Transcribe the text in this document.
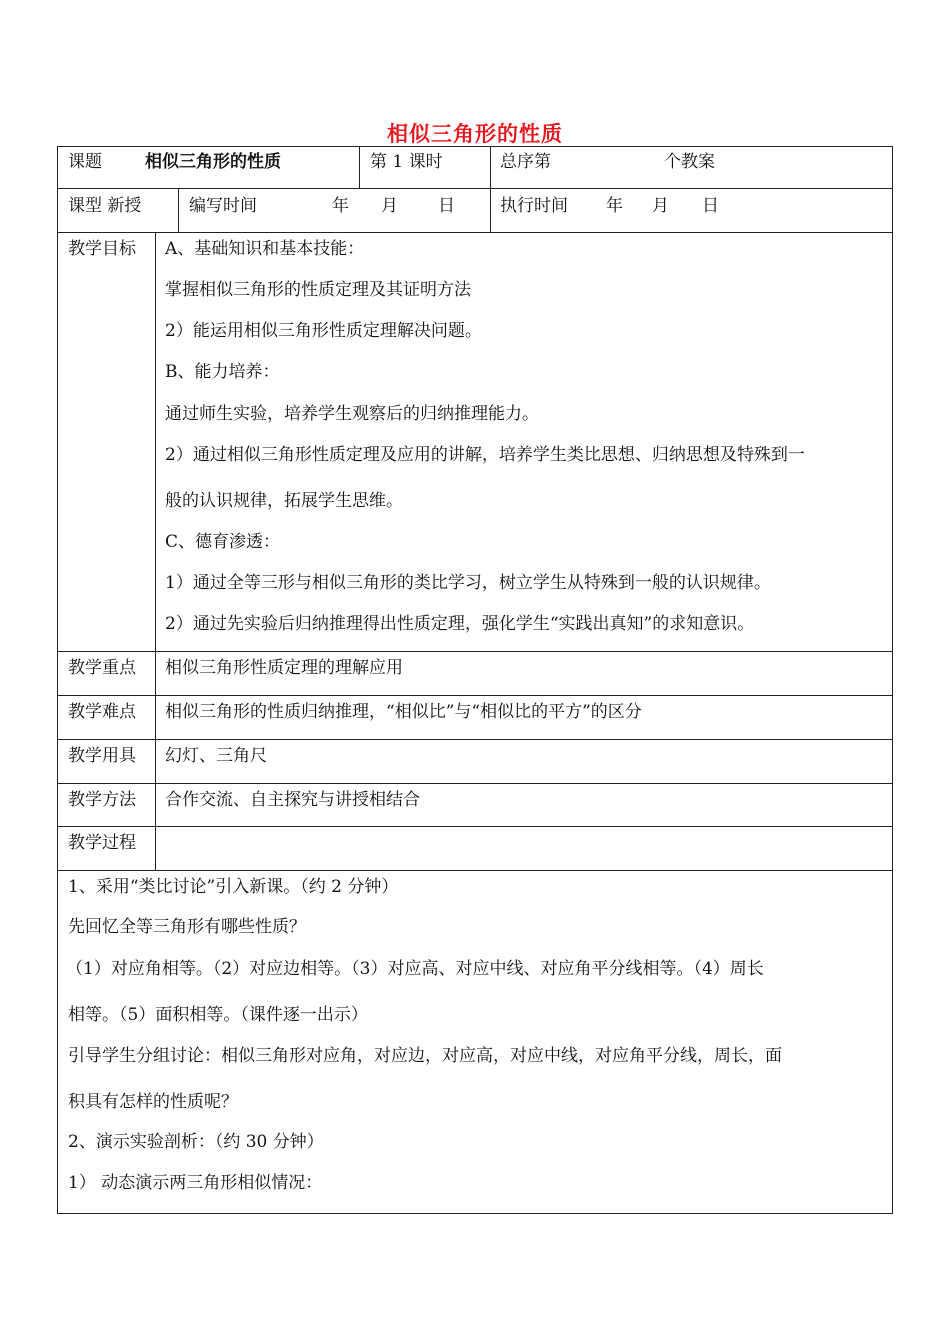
相似三角形的性质
课题	相似三角形的性质	第 1 课时	总序第	个教案
课型 新授	编写时间	年 月 日	执行时间 年 月 日
教学目标 A、基础知识和基本技能：
掌握相似三角形的性质定理及其证明方法
2）能运用相似三角形性质定理解决问题。
B、能力培养：
通过师生实验，培养学生观察后的归纳推理能力。
2）通过相似三角形性质定理及应用的讲解，培养学生类比思想、归纳思想及特殊到一
般的认识规律，拓展学生思维。
C、德育渗透：
1）通过全等三形与相似三角形的类比学习，树立学生从特殊到一般的认识规律。
2）通过先实验后归纳推理得出性质定理，强化学生“实践出真知”的求知意识。
教学重点 相似三角形性质定理的理解应用
教学难点 相似三角形的性质归纳推理，“相似比”与“相似比的平方”的区分
教学用具 幻灯、三角尺
教学方法 合作交流、自主探究与讲授相结合
教学过程
1、采用“类比讨论”引入新课。（约 2 分钟）
先回忆全等三角形有哪些性质？
（1）对应角相等。（2）对应边相等。（3）对应高、对应中线、对应角平分线相等。（4）周长
相等。（5）面积相等。（课件逐一出示）
引导学生分组讨论：相似三角形对应角，对应边，对应高，对应中线，对应角平分线，周长，面
积具有怎样的性质呢？
2、演示实验剖析：（约 30 分钟）
1） 动态演示两三角形相似情况：
